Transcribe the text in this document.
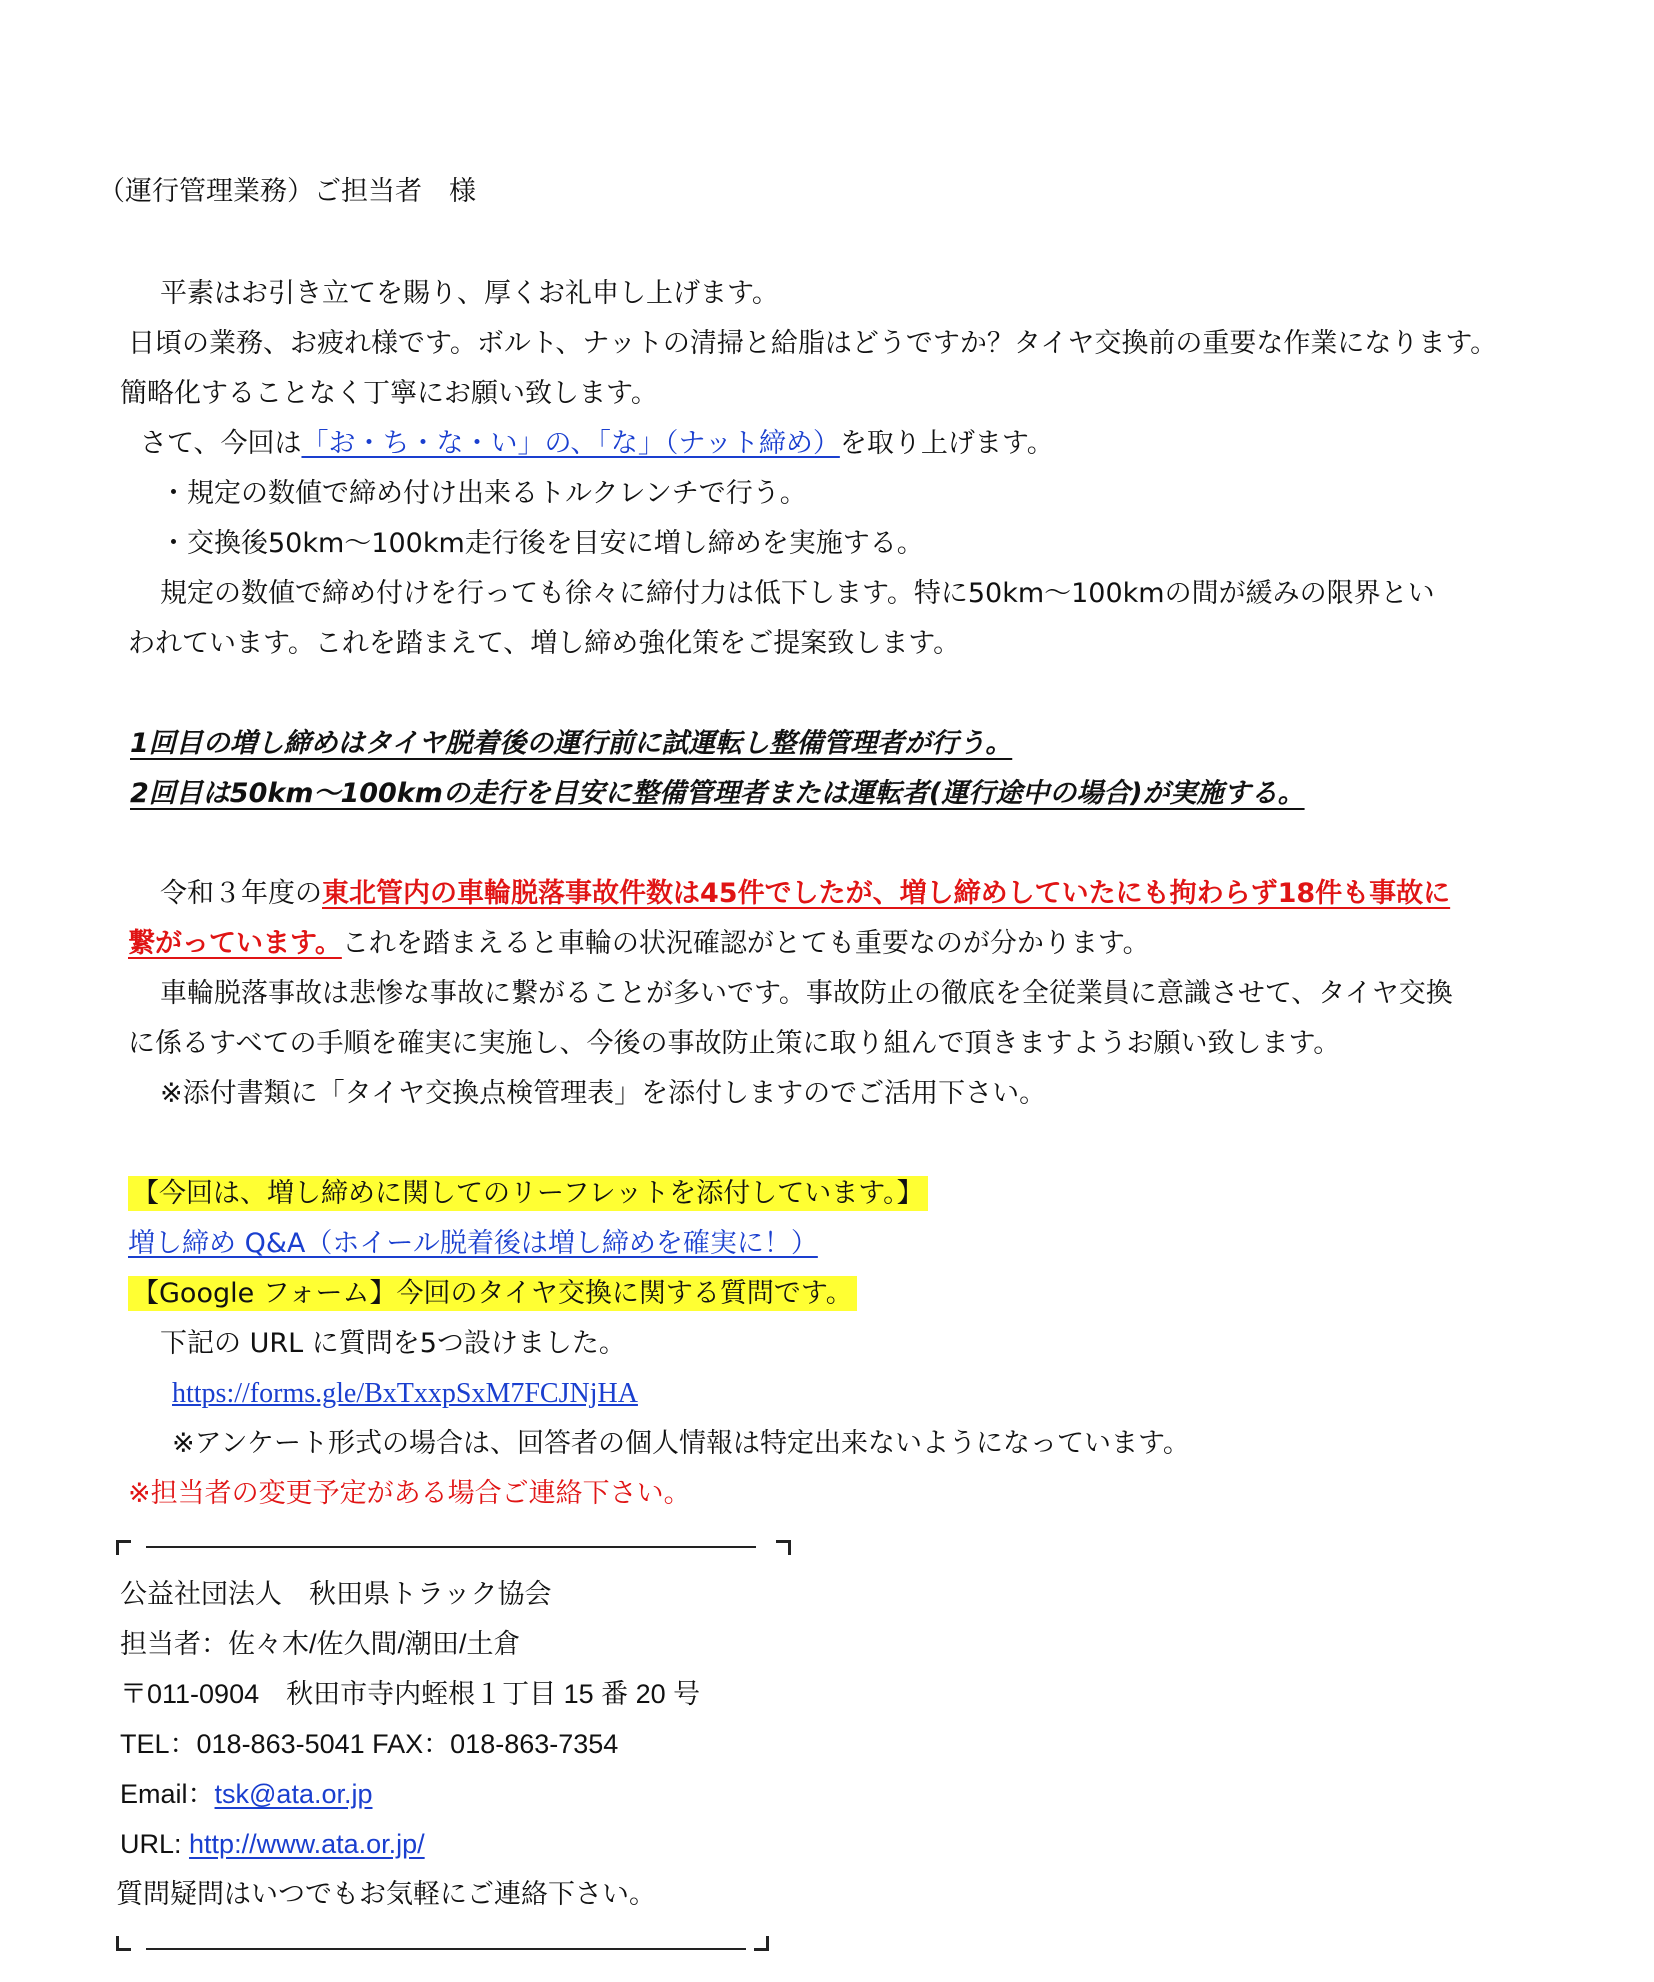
（運行管理業務）ご担当者　様
平素はお引き立てを賜り、厚くお礼申し上げます。
日頃の業務、お疲れ様です。ボルト、ナットの清掃と給脂はどうですか？タイヤ交換前の重要な作業になります。
簡略化することなく丁寧にお願い致します。
さて、今回は「お・ち・な・い」の、「な」（ナット締め）を取り上げます。
・規定の数値で締め付け出来るトルクレンチで行う。
・交換後50km～100km走行後を目安に増し締めを実施する。
規定の数値で締め付けを行っても徐々に締付力は低下します。特に50km～100kmの間が緩みの限界とい
われています。これを踏まえて、増し締め強化策をご提案致します。
1回目の増し締めはタイヤ脱着後の運行前に試運転し整備管理者が行う。
2回目は50km～100kmの走行を目安に整備管理者または運転者(運行途中の場合)が実施する。
令和３年度の東北管内の車輪脱落事故件数は45件でしたが、増し締めしていたにも拘わらず18件も事故に
繋がっています。これを踏まえると車輪の状況確認がとても重要なのが分かります。
車輪脱落事故は悲惨な事故に繋がることが多いです。事故防止の徹底を全従業員に意識させて、タイヤ交換
に係るすべての手順を確実に実施し、今後の事故防止策に取り組んで頂きますようお願い致します。
※添付書類に「タイヤ交換点検管理表」を添付しますのでご活用下さい。
【今回は、増し締めに関してのリーフレットを添付しています。】
増し締め Q&A（ホイール脱着後は増し締めを確実に！）
【Google フォーム】今回のタイヤ交換に関する質問です。
下記の URL に質問を5つ設けました。
https://forms.gle/BxTxxpSxM7FCJNjHA
※アンケート形式の場合は、回答者の個人情報は特定出来ないようになっています。
※担当者の変更予定がある場合ご連絡下さい。
公益社団法人　秋田県トラック協会
担当者：佐々木/佐久間/潮田/土倉
〒011-0904　秋田市寺内蛭根１丁目 15 番 20 号
TEL：018-863-5041 FAX：018-863-7354
Email：tsk@ata.or.jp
URL: http://www.ata.or.jp/
質問疑問はいつでもお気軽にご連絡下さい。
